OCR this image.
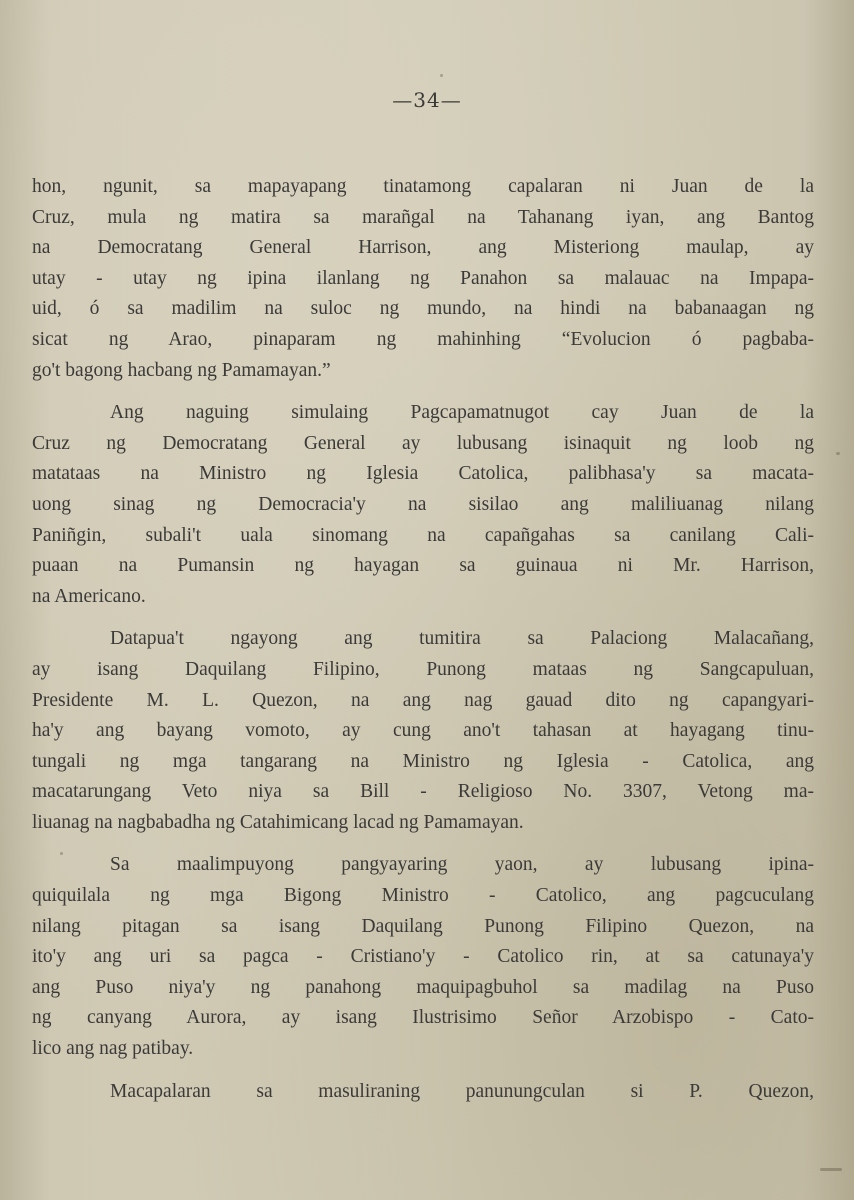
—34—
hon, ngunit, sa mapayapang tinatamong capalaran ni Juan de la
Cruz, mula ng matira sa marañgal na Tahanang iyan, ang Bantog
na Democratang General Harrison, ang Misteriong maulap, ay
utay - utay ng ipina ilanlang ng Panahon sa malauac na Impapa-
uid, ó sa madilim na suloc ng mundo, na hindi na babanaagan ng
sicat ng Arao, pinaparam ng mahinhing “Evolucion ó pagbaba-
go't bagong hacbang ng Pamamayan.”
Ang naguing simulaing Pagcapamatnugot cay Juan de la
Cruz ng Democratang General ay lubusang isinaquit ng loob ng
matataas na Ministro ng Iglesia Catolica, palibhasa'y sa macata-
uong sinag ng Democracia'y na sisilao ang maliliuanag nilang
Paniñgin, subali't uala sinomang na capañgahas sa canilang Cali-
puaan na Pumansin ng hayagan sa guinaua ni Mr. Harrison,
na Americano.
Datapua't ngayong ang tumitira sa Palaciong Malacañang,
ay isang Daquilang Filipino, Punong mataas ng Sangcapuluan,
Presidente M. L. Quezon, na ang nag gauad dito ng capangyari-
ha'y ang bayang vomoto, ay cung ano't tahasan at hayagang tinu-
tungali ng mga tangarang na Ministro ng Iglesia - Catolica, ang
macatarungang Veto niya sa Bill - Religioso No. 3307, Vetong ma-
liuanag na nagbabadha ng Catahimicang lacad ng Pamamayan.
Sa maalimpuyong pangyayaring yaon, ay lubusang ipina-
quiquilala ng mga Bigong Ministro - Catolico, ang pagcuculang
nilang pitagan sa isang Daquilang Punong Filipino Quezon, na
ito'y ang uri sa pagca - Cristiano'y - Catolico rin, at sa catunaya'y
ang Puso niya'y ng panahong maquipagbuhol sa madilag na Puso
ng canyang Aurora, ay isang Ilustrisimo Señor Arzobispo - Cato-
lico ang nag patibay.
Macapalaran sa masuliraning panunungculan si P. Quezon,
